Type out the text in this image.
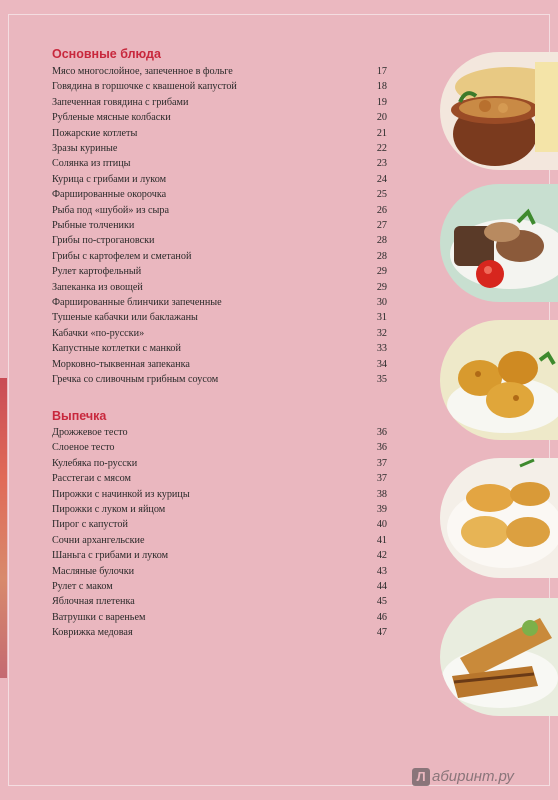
Основные блюда
Мясо многослойное, запеченное в фольге	17
Говядина в горшочке с квашеной капустой	18
Запеченная говядина с грибами	19
Рубленые мясные колбаски	20
Пожарские котлеты	21
Зразы куриные	22
Солянка из птицы	23
Курица с грибами и луком	24
Фаршированные окорочка	25
Рыба под «шубой» из сыра	26
Рыбные толченики	27
Грибы по-строгановски	28
Грибы с картофелем и сметаной	28
Рулет картофельный	29
Запеканка из овощей	29
Фаршированные блинчики запеченные	30
Тушеные кабачки или баклажаны	31
Кабачки «по-русски»	32
Капустные котлетки с манкой	33
Морковно-тыквенная запеканка	34
Гречка со сливочным грибным соусом	35
Выпечка
Дрожжевое тесто	36
Слоеное тесто	36
Кулебяка по-русски	37
Расстегаи с мясом	37
Пирожки с начинкой из курицы	38
Пирожки с луком и яйцом	39
Пирог с капустой	40
Сочни архангельские	41
Шаньга с грибами и луком	42
Масляные булочки	43
Рулет с маком	44
Яблочная плетенка	45
Ватрушки с вареньем	46
Коврижка медовая	47
Л абиринт.ру
